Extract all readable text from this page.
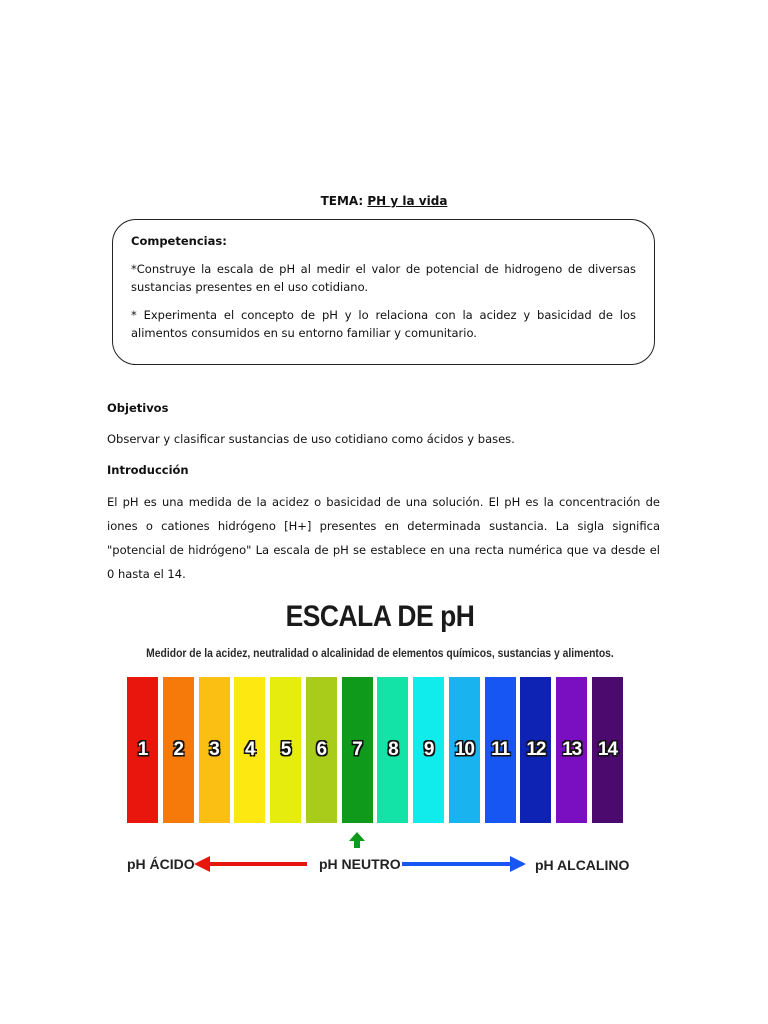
TEMA: PH y la vida
Competencias:

*Construye la escala de pH al medir el valor de potencial de hidrogeno de diversas sustancias presentes en el uso cotidiano.

* Experimenta el concepto de pH y lo relaciona con la acidez y basicidad de los alimentos consumidos en su entorno familiar y comunitario.

Objetivos
Observar y clasificar sustancias de uso cotidiano como ácidos y bases.
Introducción
El pH es una medida de la acidez o basicidad de una solución. El pH es la concentración de iones o cationes hidrógeno [H+] presentes en determinada sustancia. La sigla significa "potencial de hidrógeno" La escala de pH se establece en una recta numérica que va desde el 0 hasta el 14.
ESCALA DE pH
Medidor de la acidez, neutralidad o alcalinidad de elementos químicos, sustancias y alimentos.
1 2 3 4 5 6 7 8 9 10 11 12 13 14
pH ÁCIDO	pH NEUTRO	pH ALCALINO
